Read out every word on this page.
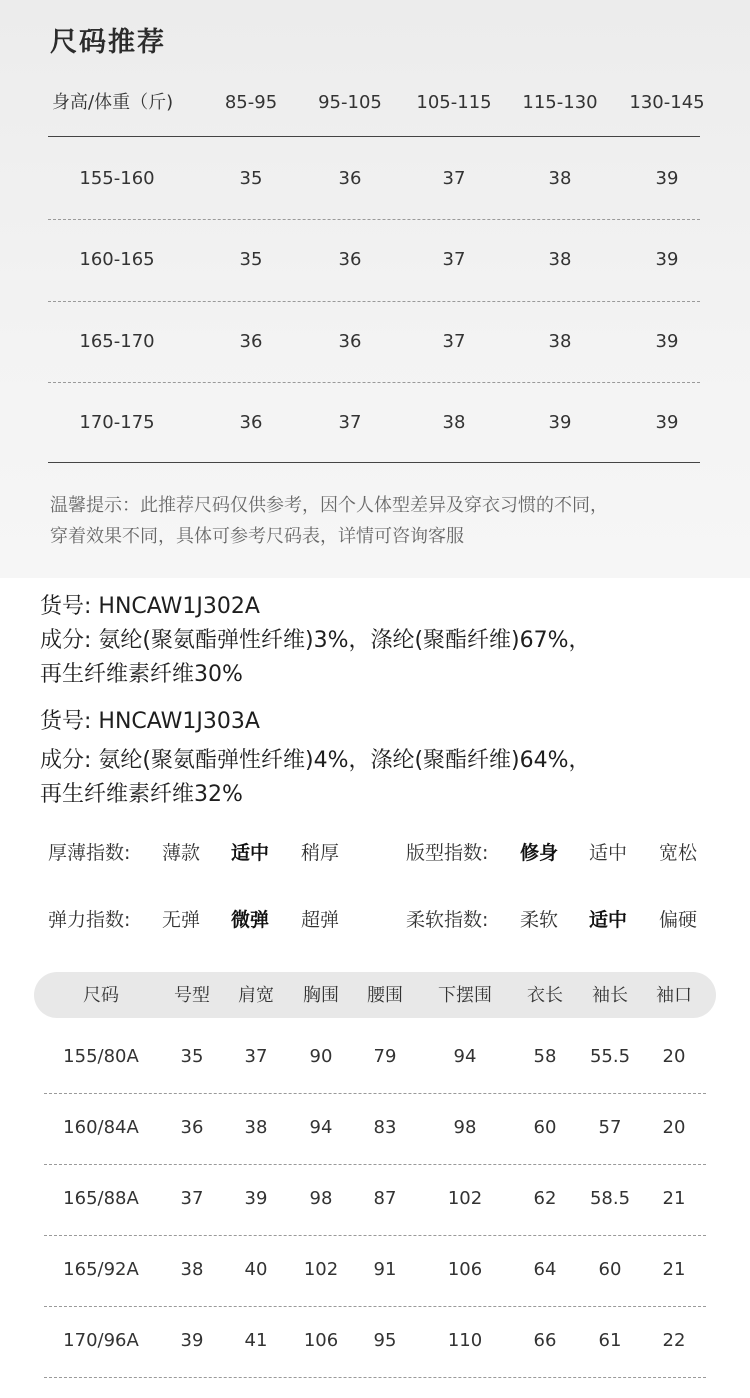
尺码推荐
身高/体重（斤)	85-95	95-105	105-115	115-130	130-145
155-160	35	36	37	38	39
160-165	35	36	37	38	39
165-170	36	36	37	38	39
170-175	36	37	38	39	39
温馨提示：此推荐尺码仅供参考，因个人体型差异及穿衣习惯的不同，
穿着效果不同，具体可参考尺码表，详情可咨询客服
货号: HNCAW1J302A
成分: 氨纶(聚氨酯弹性纤维)3%，涤纶(聚酯纤维)67%，
再生纤维素纤维30%
货号: HNCAW1J303A
成分: 氨纶(聚氨酯弹性纤维)4%，涤纶(聚酯纤维)64%，
再生纤维素纤维32%
厚薄指数: 薄款 适中 稍厚	版型指数: 修身 适中 宽松
弹力指数: 无弹 微弹 超弹	柔软指数: 柔软 适中 偏硬
尺码	号型	肩宽	胸围	腰围	下摆围	衣长	袖长	袖口
155/80A	35	37	90	79	94	58	55.5	20
160/84A	36	38	94	83	98	60	57	20
165/88A	37	39	98	87	102	62	58.5	21
165/92A	38	40	102	91	106	64	60	21
170/96A	39	41	106	95	110	66	61	22
